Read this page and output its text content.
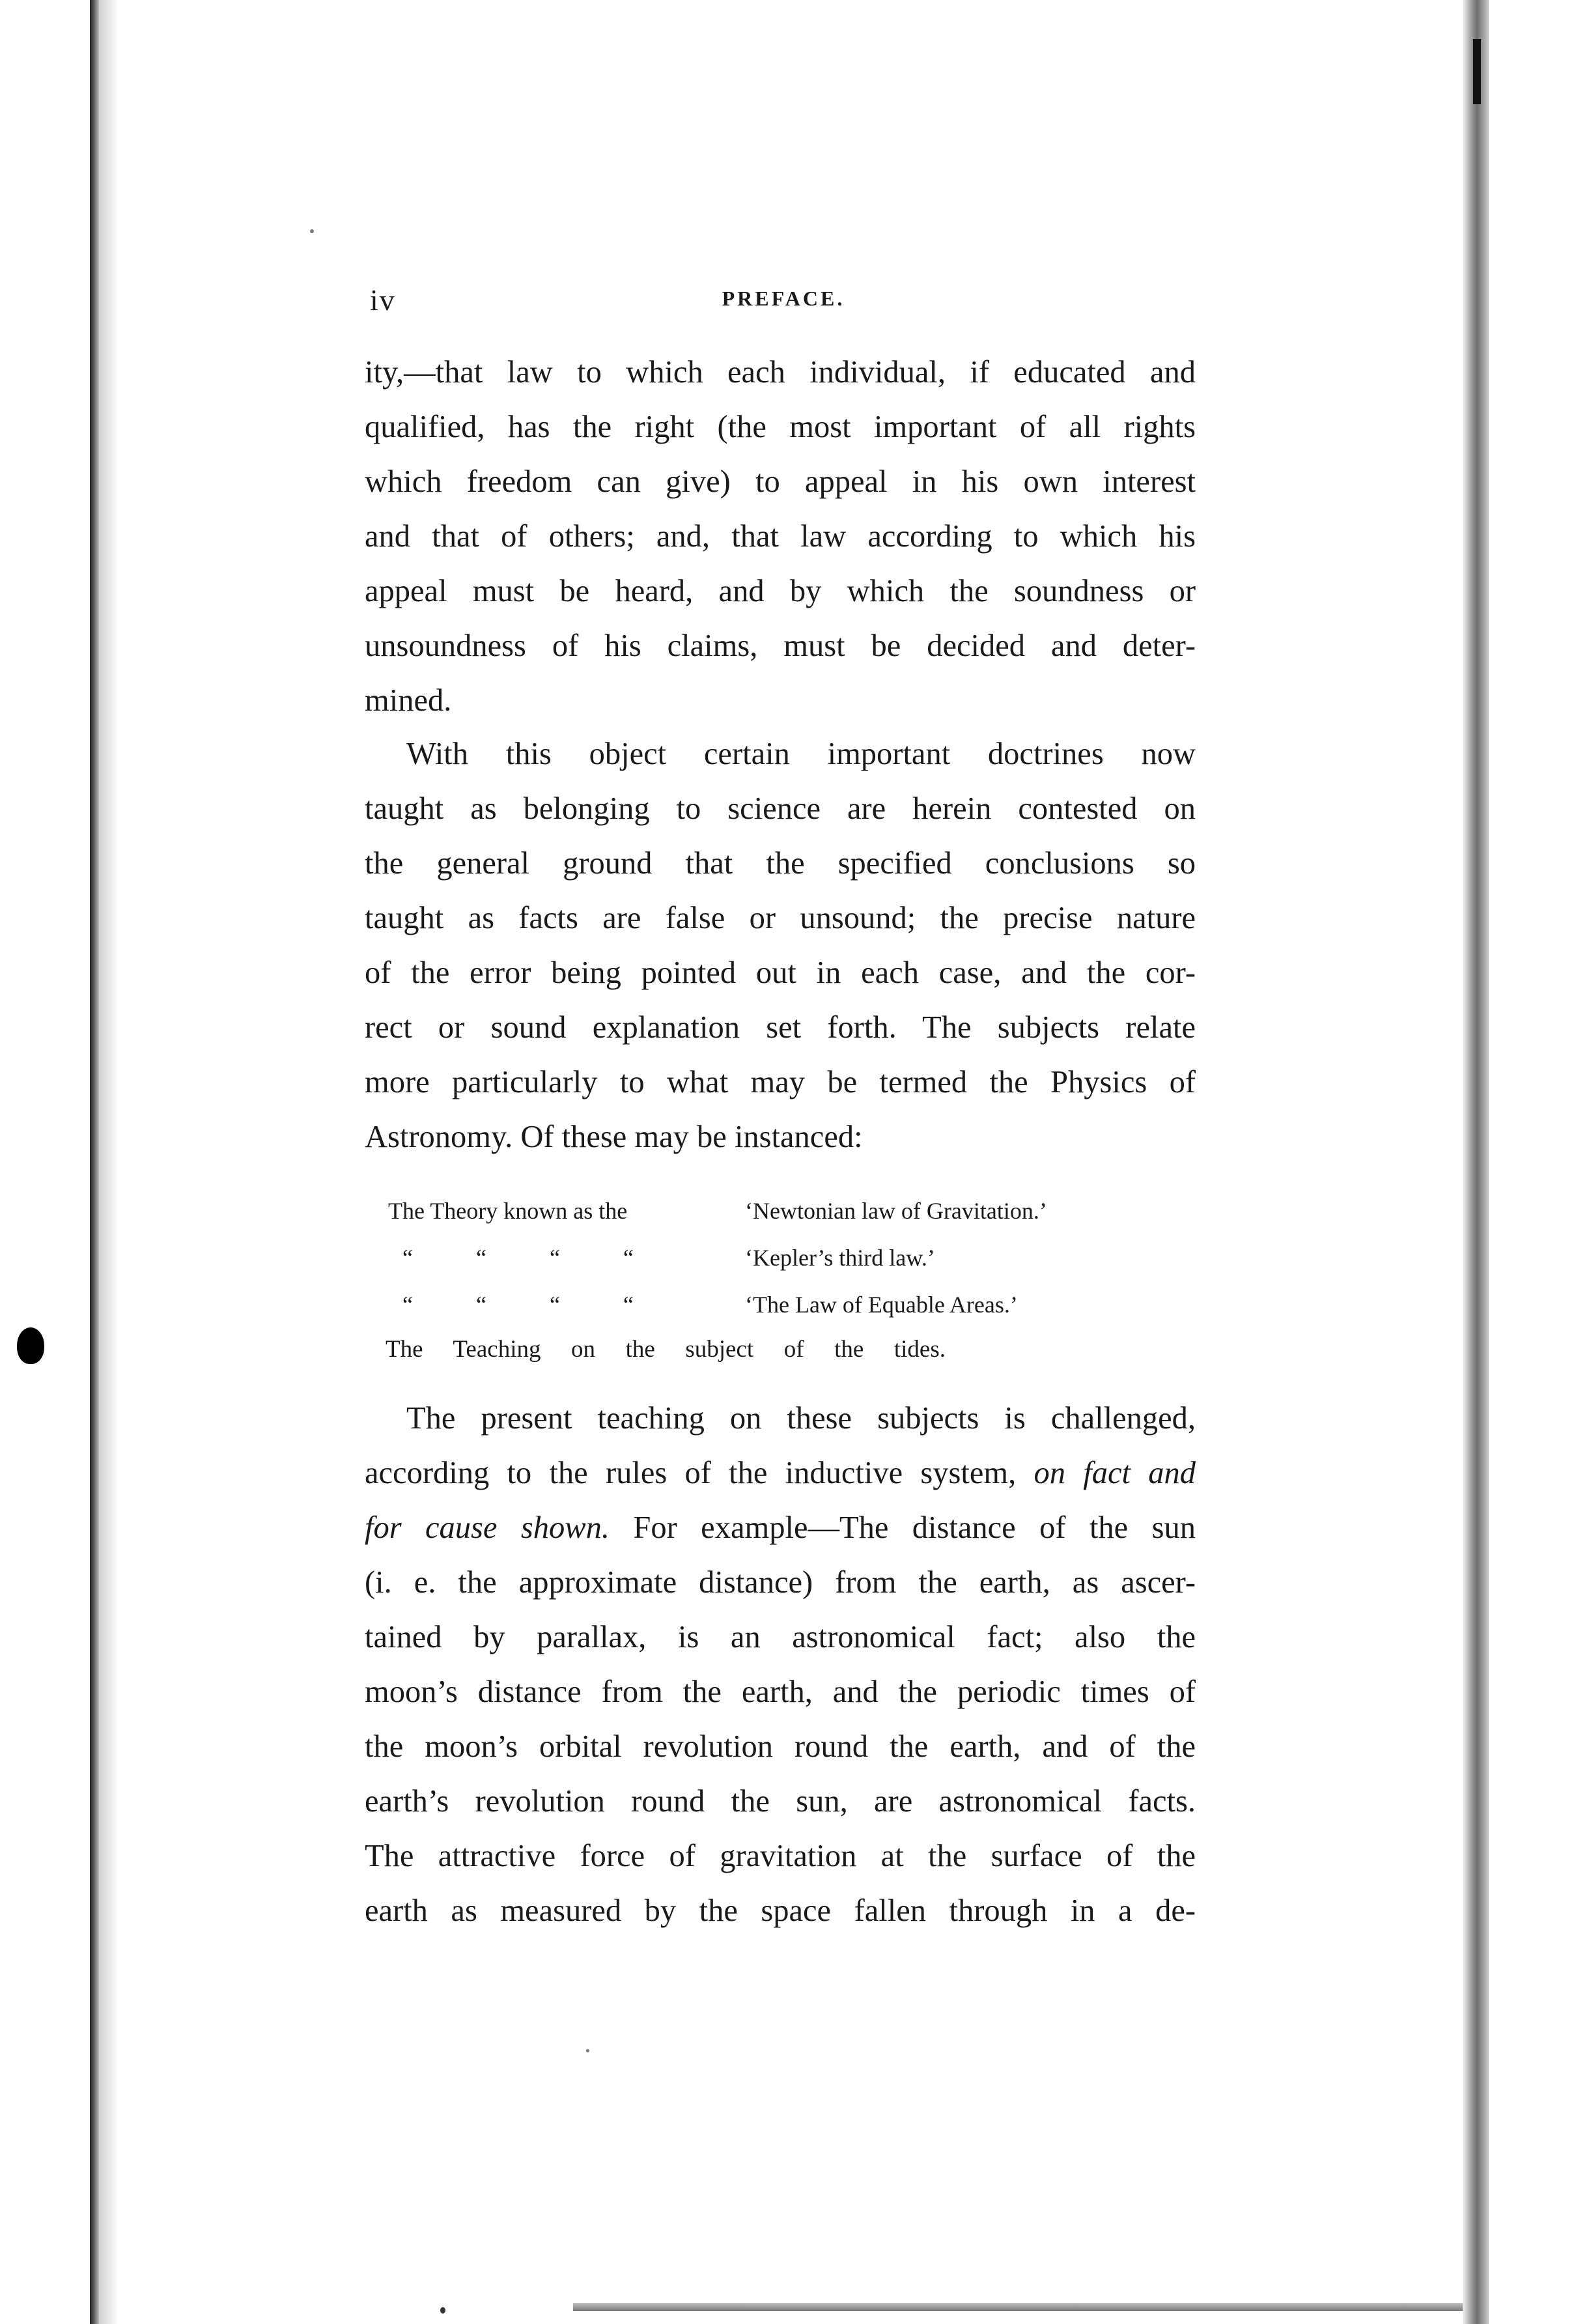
iv	PREFACE.
ity,—that law to which each individual, if educated and
qualified, has the right (the most important of all rights
which freedom can give) to appeal in his own interest
and that of others; and, that law according to which his
appeal must be heard, and by which the soundness or
unsoundness of his claims, must be decided and deter-
mined.
With this object certain important doctrines now
taught as belonging to science are herein contested on
the general ground that the specified conclusions so
taught as facts are false or unsound; the precise nature
of the error being pointed out in each case, and the cor-
rect or sound explanation set forth. The subjects relate
more particularly to what may be termed the Physics of
Astronomy. Of these may be instanced:
The Theory known as the	‘Newtonian law of Gravitation.’
“ “ “ “	‘Kepler’s third law.’
“ “ “ “	‘The Law of Equable Areas.’
The Teaching on the subject of the tides.
The present teaching on these subjects is challenged,
according to the rules of the inductive system, on fact and
for cause shown. For example—The distance of the sun
(i. e. the approximate distance) from the earth, as ascer-
tained by parallax, is an astronomical fact; also the
moon’s distance from the earth, and the periodic times of
the moon’s orbital revolution round the earth, and of the
earth’s revolution round the sun, are astronomical facts.
The attractive force of gravitation at the surface of the
earth as measured by the space fallen through in a de-
